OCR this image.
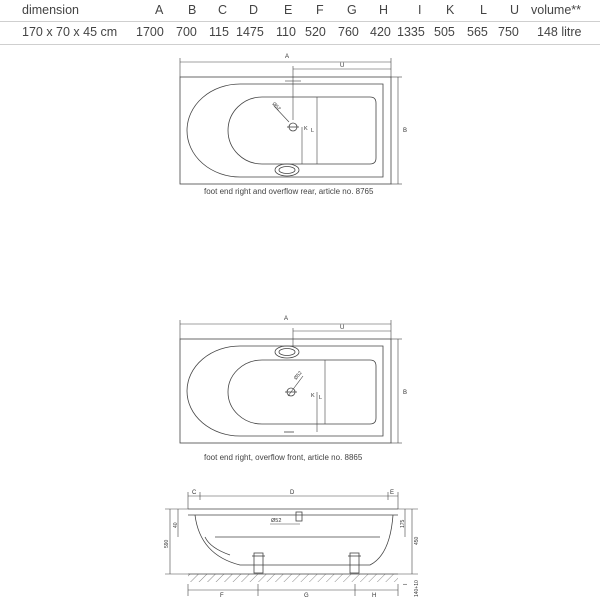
dimension	A B C D E F G H I K L U volume**
170 x 70 x 45 cm 1700 700 115 1475 110 520 760 420 1335 505 565 750 148 litre
A
U
B
K L
Ø52
foot end right and overflow rear, article no. 8765
A
U
B
K L
Ø52
foot end right, overflow front, article no. 8865
C	D	E
F	G	H
I
Ø52
40
590
175
450
140+10
